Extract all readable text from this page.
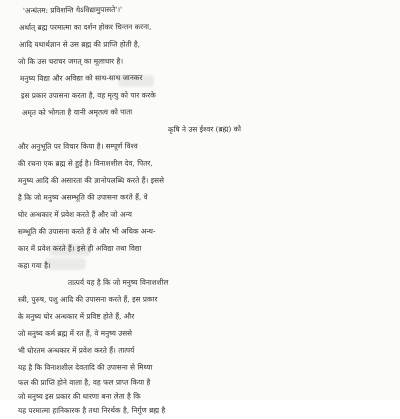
'अन्धंतम: प्रविशन्ति येऽविद्यामुपासते'।'
अर्थात् ब्रह्म परमात्मा का दर्शन होकर चिन्तन करना,
आदि यथार्थज्ञान से उस ब्रह्म की प्राप्ति होती है,
जो कि उस चराचर जगत् का मूलाधार है।
मनुष्य विद्या और अविद्या को साथ-साथ जानकर
इस प्रकार उपासना करता है, वह मृत्यु को पार करके
अमृत को भोगता है यानी अमृतत्व को पाता
कृषि ने उस ईश्वर (ब्रह्म) को
और अनुभूति पर विचार किया है। सम्पूर्ण विश्व
की रचना एक ब्रह्म से हुई है। विनाशशील देव, पितर,
मनुष्य आदि की असारता की ज्ञानोपलब्धि करते हैं। इससे
है कि जो मनुष्य असम्भूति की उपासना करते हैं, वे
घोर अन्धकार में प्रवेश करते हैं और जो अन्य
सम्भूति की उपासना करते हैं वे और भी अधिक अन्ध-
कार में प्रवेश करते हैं। इसे ही अविद्या तथा विद्या
कहा गया है।
तात्पर्य यह है कि जो मनुष्य विनाशशील
स्त्री, पुरुष, पशु आदि की उपासना करते हैं, इस प्रकार
के मनुष्य घोर अन्धकार में प्रविष्ट होते हैं, और
जो मनुष्य कर्म ब्रह्म में रत हैं, वे मनुष्य उससे
भी घोरतम अन्धकार में प्रवेश करते हैं। तात्पर्य
यह है कि विनाशशील देवतादि की उपासना से मिथ्या
फल की प्राप्ति होने वाला है, वह फल प्राप्त किया है
जो मनुष्य इस प्रकार की धारणा बना लेता है कि
यह परमात्मा हानिकारक है तथा निरर्थक है, निर्गुण ब्रह्म है
